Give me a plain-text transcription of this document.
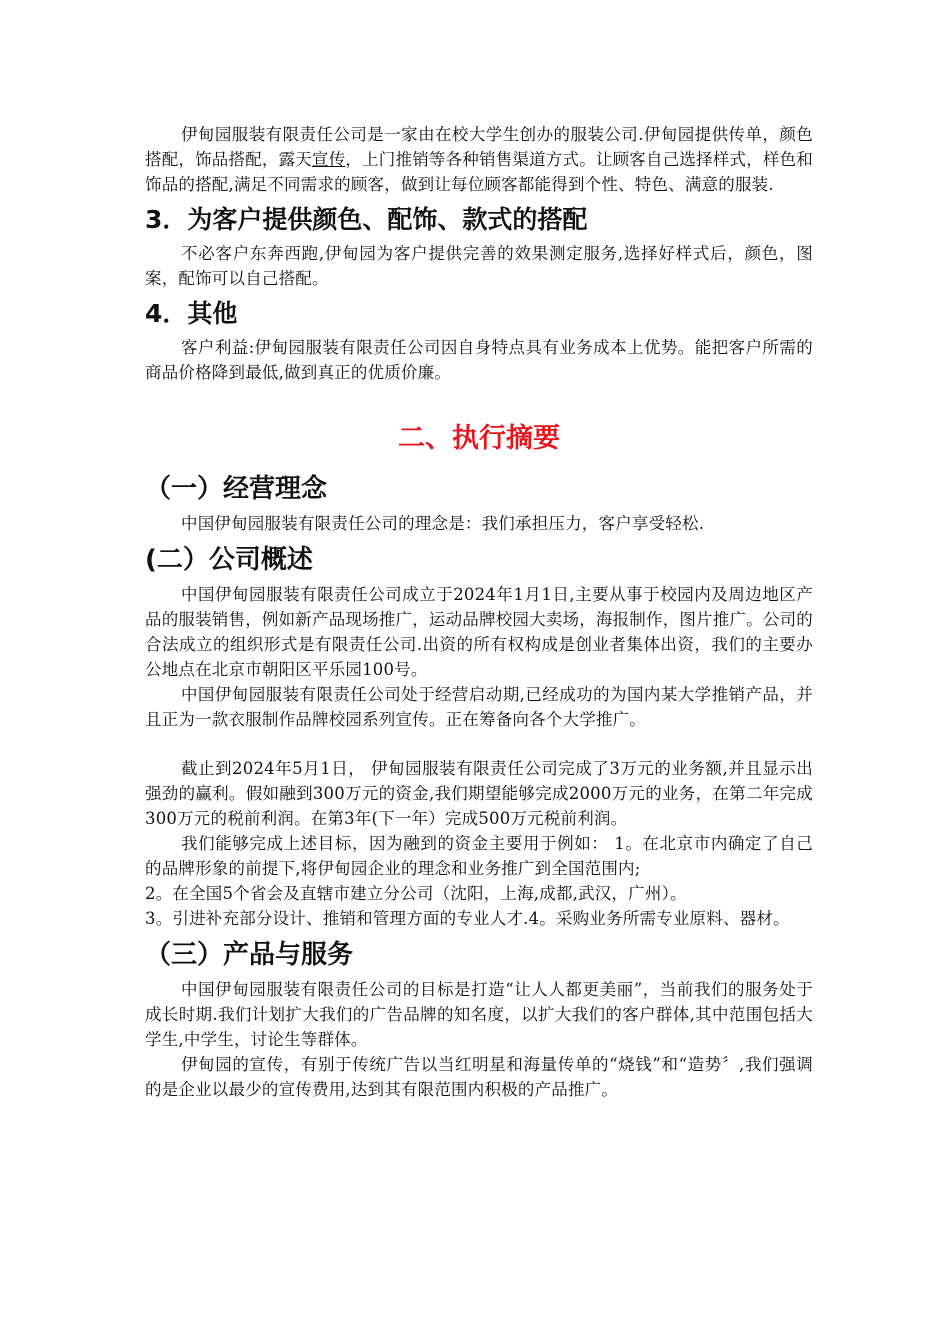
伊甸园服装有限责任公司是一家由在校大学生创办的服装公司.伊甸园提供传单，颜色搭配，饰品搭配，露天宣传，上门推销等各种销售渠道方式。让顾客自己选择样式，样色和饰品的搭配,满足不同需求的顾客，做到让每位顾客都能得到个性、特色、满意的服装.

3．为客户提供颜色、配饰、款式的搭配

不必客户东奔西跑,伊甸园为客户提供完善的效果测定服务,选择好样式后，颜色，图案，配饰可以自己搭配。

4．其他

客户利益:伊甸园服装有限责任公司因自身特点具有业务成本上优势。能把客户所需的商品价格降到最低,做到真正的优质价廉。

二、执行摘要
（一）经营理念

中国伊甸园服装有限责任公司的理念是：我们承担压力，客户享受轻松.

(二）公司概述

中国伊甸园服装有限责任公司成立于2024年1月1日,主要从事于校园内及周边地区产品的服装销售，例如新产品现场推广，运动品牌校园大卖场，海报制作，图片推广。公司的合法成立的组织形式是有限责任公司.出资的所有权构成是创业者集体出资，我们的主要办公地点在北京市朝阳区平乐园100号。

中国伊甸园服装有限责任公司处于经营启动期,已经成功的为国内某大学推销产品，并且正为一款衣服制作品牌校园系列宣传。正在筹备向各个大学推广。

截止到2024年5月1日， 伊甸园服装有限责任公司完成了3万元的业务额,并且显示出强劲的赢利。假如融到300万元的资金,我们期望能够完成2000万元的业务，在第二年完成300万元的税前利润。在第3年(下一年）完成500万元税前利润。

我们能够完成上述目标，因为融到的资金主要用于例如： 1。在北京市内确定了自己的品牌形象的前提下,将伊甸园企业的理念和业务推广到全国范围内;

2。在全国5个省会及直辖市建立分公司（沈阳，上海,成都,武汉，广州）。

3。引进补充部分设计、推销和管理方面的专业人才.4。采购业务所需专业原料、器材。

（三）产品与服务

中国伊甸园服装有限责任公司的目标是打造“让人人都更美丽”，当前我们的服务处于成长时期.我们计划扩大我们的广告品牌的知名度，以扩大我们的客户群体,其中范围包括大学生,中学生，讨论生等群体。

伊甸园的宣传，有别于传统广告以当红明星和海量传单的“烧钱”和“造势〞,我们强调的是企业以最少的宣传费用,达到其有限范围内积极的产品推广。
